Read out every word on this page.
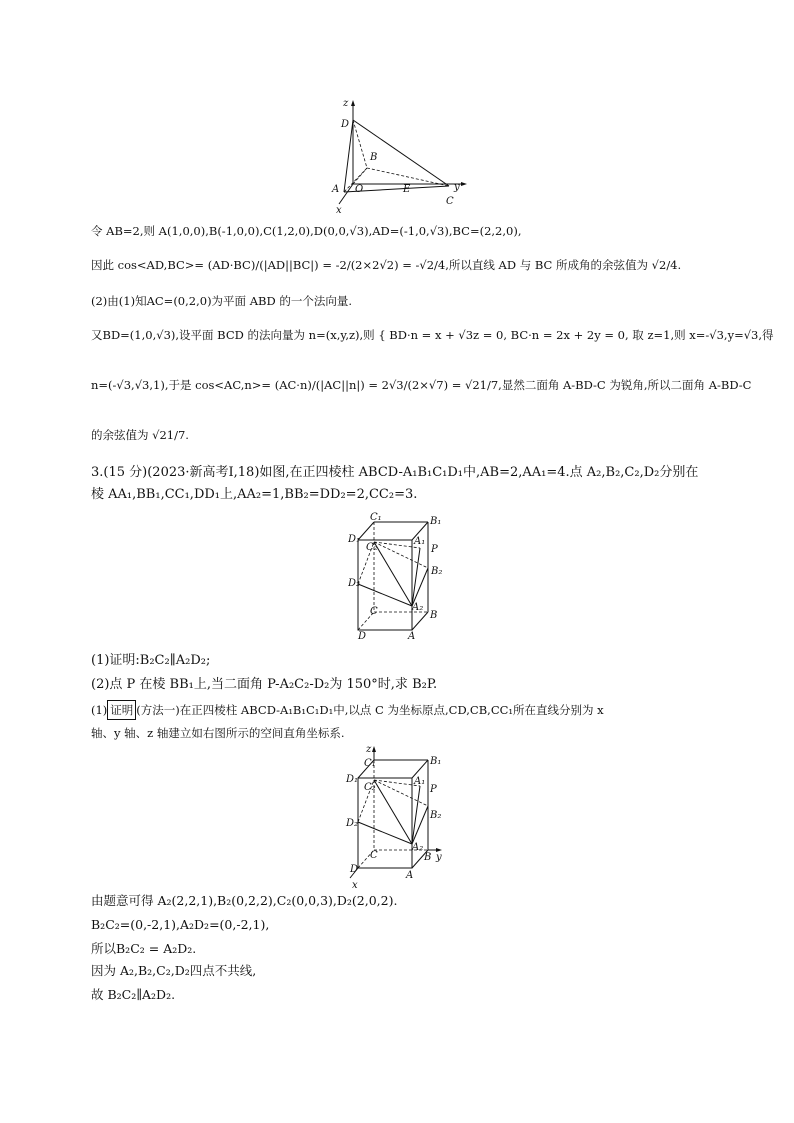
z
D
B
A O	E	y
C
x
令 AB=2,则 A(1,0,0),B(-1,0,0),C(1,2,0),D(0,0,√3),AD=(-1,0,√3),BC=(2,2,0),
因此 cos<AD,BC>= (AD·BC)/(|AD||BC|) = -2/(2×2√2) = -√2/4,所以直线 AD 与 BC 所成角的余弦值为 √2/4.
(2)由(1)知AC=(0,2,0)为平面 ABD 的一个法向量.
又BD=(1,0,√3),设平面 BCD 的法向量为 n=(x,y,z),则 { BD·n = x + √3z = 0, BC·n = 2x + 2y = 0, 取 z=1,则 x=-√3,y=√3,得
n=(-√3,√3,1),于是 cos<AC,n>= (AC·n)/(|AC||n|) = 2√3/(2×√7) = √21/7,显然二面角 A-BD-C 为锐角,所以二面角 A-BD-C
的余弦值为 √21/7.
3.(15 分)(2023·新高考Ⅰ,18)如图,在正四棱柱 ABCD-A₁B₁C₁D₁中,AB=2,AA₁=4.点 A₂,B₂,C₂,D₂分别在
棱 AA₁,BB₁,CC₁,DD₁上,AA₂=1,BB₂=DD₂=2,CC₂=3.
C₁	B₁
D₁	A₁
C₂	P
B₂
D₂
A₂
C	B
D	A
(1)证明:B₂C₂∥A₂D₂;
(2)点 P 在棱 BB₁上,当二面角 P-A₂C₂-D₂为 150°时,求 B₂P.
(1) 证明 (方法一)在正四棱柱 ABCD-A₁B₁C₁D₁中,以点 C 为坐标原点,CD,CB,CC₁所在直线分别为 x
轴、y 轴、z 轴建立如右图所示的空间直角坐标系.
z
C₁	B₁
D₁	A₁
C₂	P
B₂
D₂
A₂
C	B y
D
A
x
由题意可得 A₂(2,2,1),B₂(0,2,2),C₂(0,0,3),D₂(2,0,2).
B₂C₂=(0,-2,1),A₂D₂=(0,-2,1),
所以B₂C₂ = A₂D₂.
因为 A₂,B₂,C₂,D₂四点不共线,
故 B₂C₂∥A₂D₂.
